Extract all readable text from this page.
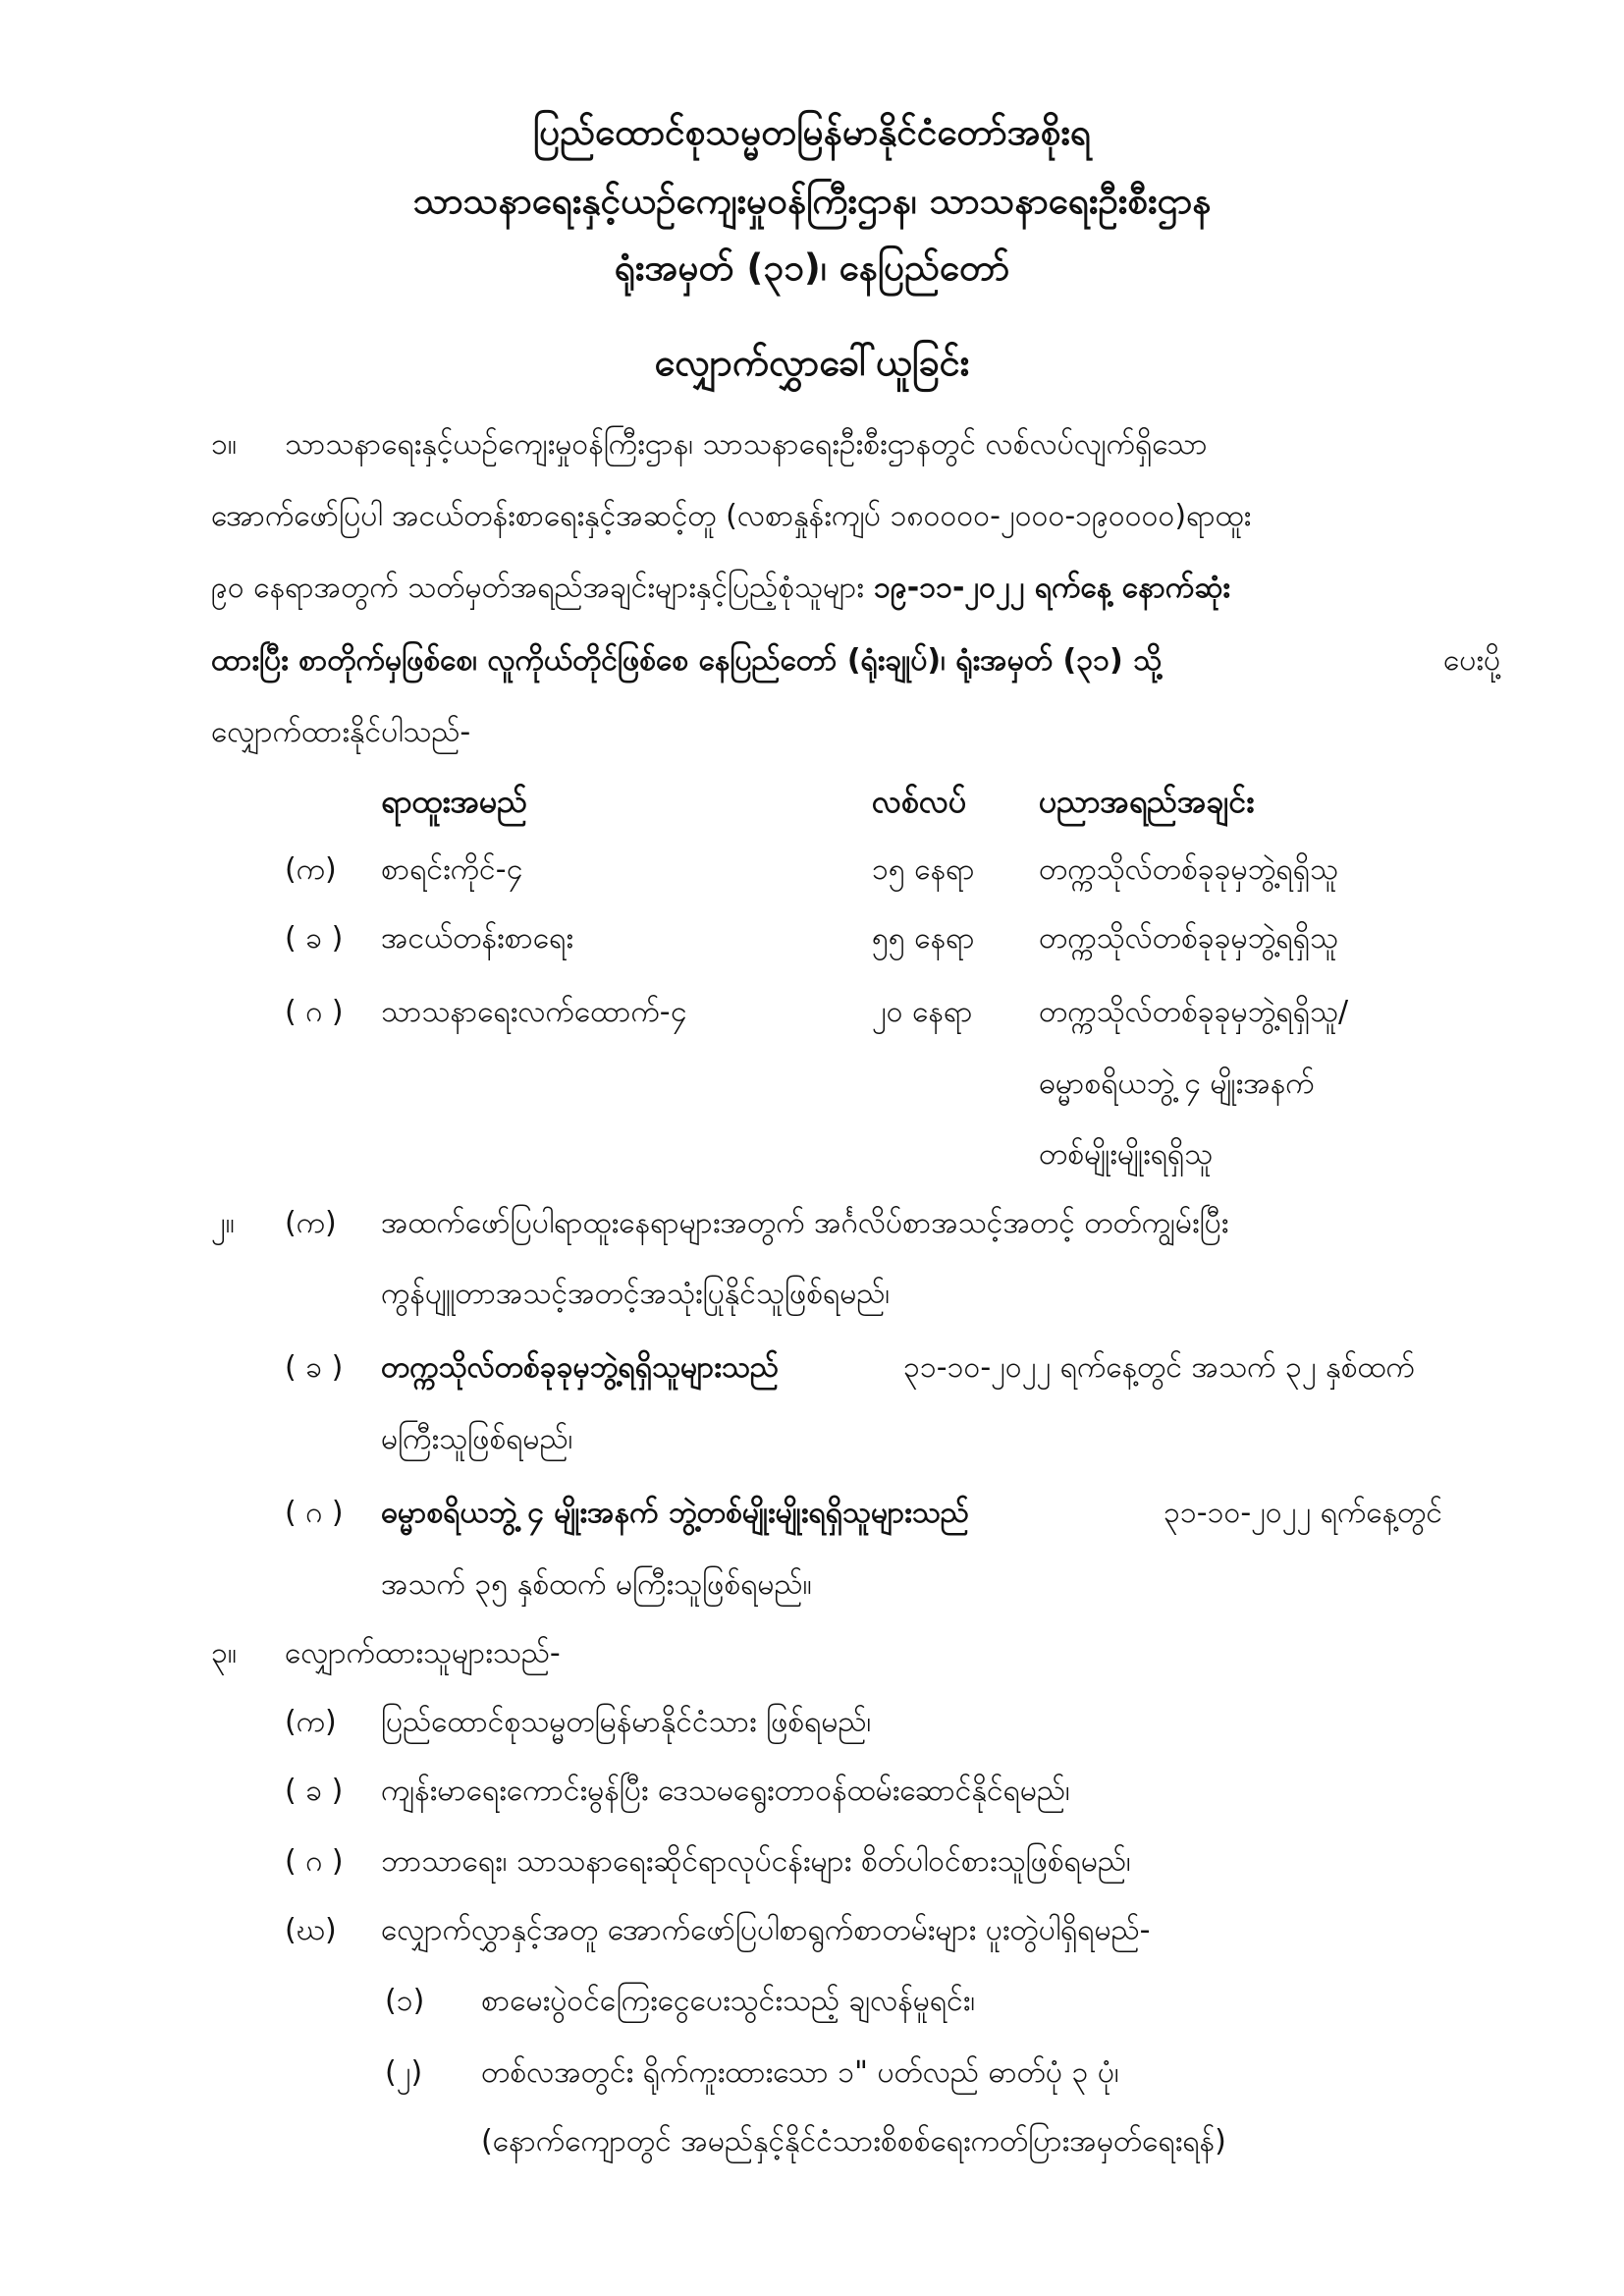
ပြည်ထောင်စုသမ္မတမြန်မာနိုင်ငံတော်အစိုးရ
သာသနာရေးနှင့်ယဉ်ကျေးမှုဝန်ကြီးဌာန၊ သာသနာရေးဦးစီးဌာန
ရုံးအမှတ် (၃၁)၊ နေပြည်တော်
လျှောက်လွှာခေါ်ယူခြင်း
၁။ သာသနာရေးနှင့်ယဉ်ကျေးမှုဝန်ကြီးဌာန၊ သာသနာရေးဦးစီးဌာနတွင် လစ်လပ်လျက်ရှိသော
အောက်ဖော်ပြပါ အငယ်တန်းစာရေးနှင့်အဆင့်တူ (လစာနှုန်းကျပ် ၁၈၀၀၀၀-၂၀၀၀-၁၉၀၀၀၀)ရာထူး
၉၀ နေရာအတွက် သတ်မှတ်အရည်အချင်းများနှင့်ပြည့်စုံသူများ ၁၉-၁၁-၂၀၂၂ ရက်နေ့ နောက်ဆုံး
ထားပြီး စာတိုက်မှဖြစ်စေ၊ လူကိုယ်တိုင်ဖြစ်စေ နေပြည်တော် (ရုံးချုပ်)၊ ရုံးအမှတ် (၃၁) သို့	ပေးပို့
လျှောက်ထားနိုင်ပါသည်-
ရာထူးအမည်	လစ်လပ် ပညာအရည်အချင်း
(က) စာရင်းကိုင်-၄	၁၅ နေရာ တက္ကသိုလ်တစ်ခုခုမှဘွဲ့ရရှိသူ
( ခ ) အငယ်တန်းစာရေး	၅၅ နေရာ တက္ကသိုလ်တစ်ခုခုမှဘွဲ့ရရှိသူ
( ဂ ) သာသနာရေးလက်ထောက်-၄	၂၀ နေရာ တက္ကသိုလ်တစ်ခုခုမှဘွဲ့ရရှိသူ/
ဓမ္မာစရိယဘွဲ့ ၄ မျိုးအနက်
တစ်မျိုးမျိုးရရှိသူ
၂။ (က) အထက်ဖော်ပြပါရာထူးနေရာများအတွက် အင်္ဂလိပ်စာအသင့်အတင့် တတ်ကျွမ်းပြီး
ကွန်ပျူတာအသင့်အတင့်အသုံးပြုနိုင်သူဖြစ်ရမည်၊
( ခ ) တက္ကသိုလ်တစ်ခုခုမှဘွဲ့ရရှိသူများသည်	၃၁-၁၀-၂၀၂၂ ရက်နေ့တွင် အသက် ၃၂ နှစ်ထက်
မကြီးသူဖြစ်ရမည်၊
( ဂ ) ဓမ္မာစရိယဘွဲ့ ၄ မျိုးအနက် ဘွဲ့တစ်မျိုးမျိုးရရှိသူများသည်	၃၁-၁၀-၂၀၂၂ ရက်နေ့တွင်
အသက် ၃၅ နှစ်ထက် မကြီးသူဖြစ်ရမည်။
၃။ လျှောက်ထားသူများသည်-
(က) ပြည်ထောင်စုသမ္မတမြန်မာနိုင်ငံသား ဖြစ်ရမည်၊
( ခ ) ကျန်းမာရေးကောင်းမွန်ပြီး ဒေသမရွေးတာဝန်ထမ်းဆောင်နိုင်ရမည်၊
( ဂ ) ဘာသာရေး၊ သာသနာရေးဆိုင်ရာလုပ်ငန်းများ စိတ်ပါဝင်စားသူဖြစ်ရမည်၊
(ဃ) လျှောက်လွှာနှင့်အတူ အောက်ဖော်ပြပါစာရွက်စာတမ်းများ ပူးတွဲပါရှိရမည်-
(၁) စာမေးပွဲဝင်ကြေးငွေပေးသွင်းသည့် ချလန်မူရင်း၊
(၂) တစ်လအတွင်း ရိုက်ကူးထားသော ၁" ပတ်လည် ဓာတ်ပုံ ၃ ပုံ၊
(နောက်ကျောတွင် အမည်နှင့်နိုင်ငံသားစိစစ်ရေးကတ်ပြားအမှတ်ရေးရန်)
